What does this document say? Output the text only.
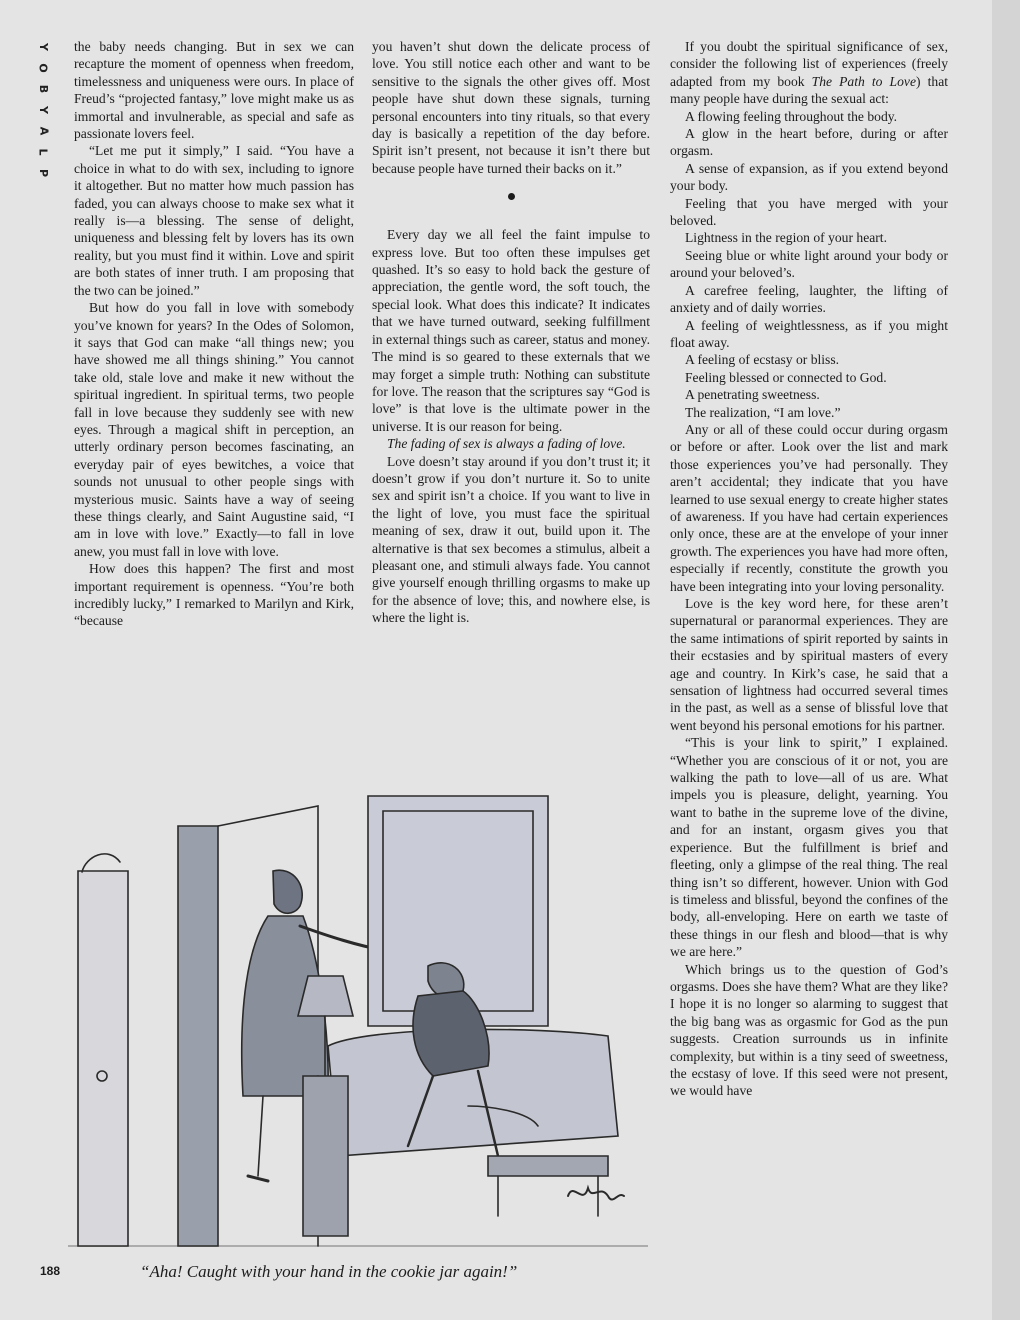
Y
O
B
Y
A
L
P

the baby needs changing. But in sex we can recapture the moment of openness when freedom, timelessness and uniqueness were ours. In place of Freud’s “projected fantasy,” love might make us as immortal and invulnerable, as special and safe as passionate lovers feel.

“Let me put it simply,” I said. “You have a choice in what to do with sex, including to ignore it altogether. But no matter how much passion has faded, you can always choose to make sex what it really is—a blessing. The sense of delight, uniqueness and blessing felt by lovers has its own reality, but you must find it within. Love and spirit are both states of inner truth. I am proposing that the two can be joined.”

But how do you fall in love with somebody you’ve known for years? In the Odes of Solomon, it says that God can make “all things new; you have showed me all things shining.” You cannot take old, stale love and make it new without the spiritual ingredient. In spiritual terms, two people fall in love because they suddenly see with new eyes. Through a magical shift in perception, an utterly ordinary person becomes fascinating, an everyday pair of eyes bewitches, a voice that sounds not unusual to other people sings with mysterious music. Saints have a way of seeing these things clearly, and Saint Augustine said, “I am in love with love.” Exactly—to fall in love anew, you must fall in love with love.

How does this happen? The first and most important requirement is openness. “You’re both incredibly lucky,” I remarked to Marilyn and Kirk, “because

you haven’t shut down the delicate process of love. You still notice each other and want to be sensitive to the signals the other gives off. Most people have shut down these signals, turning personal encounters into tiny rituals, so that every day is basically a repetition of the day before. Spirit isn’t present, not because it isn’t there but because people have turned their backs on it.”

Every day we all feel the faint impulse to express love. But too often these impulses get quashed. It’s so easy to hold back the gesture of appreciation, the gentle word, the soft touch, the special look. What does this indicate? It indicates that we have turned outward, seeking fulfillment in external things such as career, status and money. The mind is so geared to these externals that we may forget a simple truth: Nothing can substitute for love. The reason that the scriptures say “God is love” is that love is the ultimate power in the universe. It is our reason for being.

The fading of sex is always a fading of love.

Love doesn’t stay around if you don’t trust it; it doesn’t grow if you don’t nurture it. So to unite sex and spirit isn’t a choice. If you want to live in the light of love, you must face the spiritual meaning of sex, draw it out, build upon it. The alternative is that sex becomes a stimulus, albeit a pleasant one, and stimuli always fade. You cannot give yourself enough thrilling orgasms to make up for the absence of love; this, and nowhere else, is where the light is.

If you doubt the spiritual significance of sex, consider the following list of experiences (freely adapted from my book The Path to Love) that many people have during the sexual act:

A flowing feeling throughout the body.

A glow in the heart before, during or after orgasm.

A sense of expansion, as if you extend beyond your body.

Feeling that you have merged with your beloved.

Lightness in the region of your heart.

Seeing blue or white light around your body or around your beloved’s.

A carefree feeling, laughter, the lifting of anxiety and of daily worries.

A feeling of weightlessness, as if you might float away.

A feeling of ecstasy or bliss.

Feeling blessed or connected to God.

A penetrating sweetness.

The realization, “I am love.”

Any or all of these could occur during orgasm or before or after. Look over the list and mark those experiences you’ve had personally. They aren’t accidental; they indicate that you have learned to use sexual energy to create higher states of awareness. If you have had certain experiences only once, these are at the envelope of your inner growth. The experiences you have had more often, especially if recently, constitute the growth you have been integrating into your loving personality.

Love is the key word here, for these aren’t supernatural or paranormal experiences. They are the same intimations of spirit reported by saints in their ecstasies and by spiritual masters of every age and country. In Kirk’s case, he said that a sensation of lightness had occurred several times in the past, as well as a sense of blissful love that went beyond his personal emotions for his partner.

“This is your link to spirit,” I explained. “Whether you are conscious of it or not, you are walking the path to love—all of us are. What impels you is pleasure, delight, yearning. You want to bathe in the supreme love of the divine, and for an instant, orgasm gives you that experience. But the fulfillment is brief and fleeting, only a glimpse of the real thing. The real thing isn’t so different, however. Union with God is timeless and blissful, beyond the confines of the body, all-enveloping. Here on earth we taste of these things in our flesh and blood—that is why we are here.”

Which brings us to the question of God’s orgasms. Does she have them? What are they like? I hope it is no longer so alarming to suggest that the big bang was as orgasmic for God as the pun suggests. Creation surrounds us in infinite complexity, but within is a tiny seed of sweetness, the ecstasy of love. If this seed were not present, we would have

“Aha! Caught with your hand in the cookie jar again!”
188
